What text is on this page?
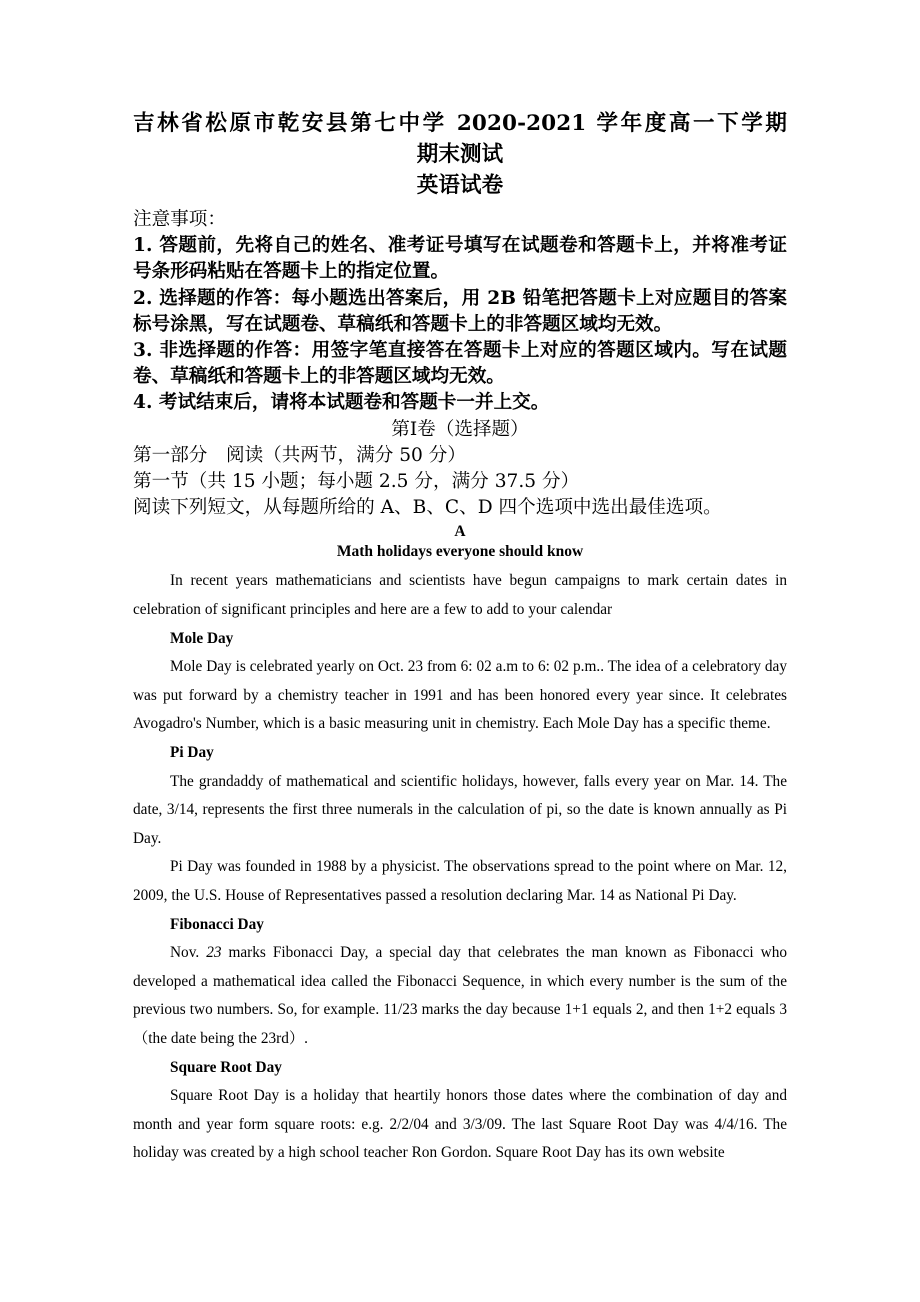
吉林省松原市乾安县第七中学 2020-2021 学年度高一下学期
期末测试
英语试卷

注意事项：

1. 答题前，先将自己的姓名、准考证号填写在试题卷和答题卡上，并将准考证号条形码粘贴在答题卡上的指定位置。

2. 选择题的作答：每小题选出答案后，用 2B 铅笔把答题卡上对应题目的答案标号涂黑，写在试题卷、草稿纸和答题卡上的非答题区域均无效。

3. 非选择题的作答：用签字笔直接答在答题卡上对应的答题区域内。写在试题卷、草稿纸和答题卡上的非答题区域均无效。

4. 考试结束后，请将本试题卷和答题卡一并上交。

第Ⅰ卷（选择题）

第一部分　阅读（共两节，满分 50 分）

第一节（共 15 小题；每小题 2.5 分，满分 37.5 分）

阅读下列短文，从每题所给的 A、B、C、D 四个选项中选出最佳选项。

A

Math holidays everyone should know

In recent years mathematicians and scientists have begun campaigns to mark certain dates in celebration of significant principles and here are a few to add to your calendar

Mole Day

Mole Day is celebrated yearly on Oct. 23 from 6: 02 a.m to 6: 02 p.m.. The idea of a celebratory day was put forward by a chemistry teacher in 1991 and has been honored every year since. It celebrates Avogadro's Number, which is a basic measuring unit in chemistry. Each Mole Day has a specific theme.

Pi Day

The grandaddy of mathematical and scientific holidays, however, falls every year on Mar. 14. The date, 3/14, represents the first three numerals in the calculation of pi, so the date is known annually as Pi Day.

Pi Day was founded in 1988 by a physicist. The observations spread to the point where on Mar. 12, 2009, the U.S. House of Representatives passed a resolution declaring Mar. 14 as National Pi Day.

Fibonacci Day

Nov. 23 marks Fibonacci Day, a special day that celebrates the man known as Fibonacci who developed a mathematical idea called the Fibonacci Sequence, in which every number is the sum of the previous two numbers. So, for example. 11/23 marks the day because 1+1 equals 2, and then 1+2 equals 3（the date being the 23rd）.

Square Root Day

Square Root Day is a holiday that heartily honors those dates where the combination of day and month and year form square roots: e.g. 2/2/04 and 3/3/09. The last Square Root Day was 4/4/16. The holiday was created by a high school teacher Ron Gordon. Square Root Day has its own website
